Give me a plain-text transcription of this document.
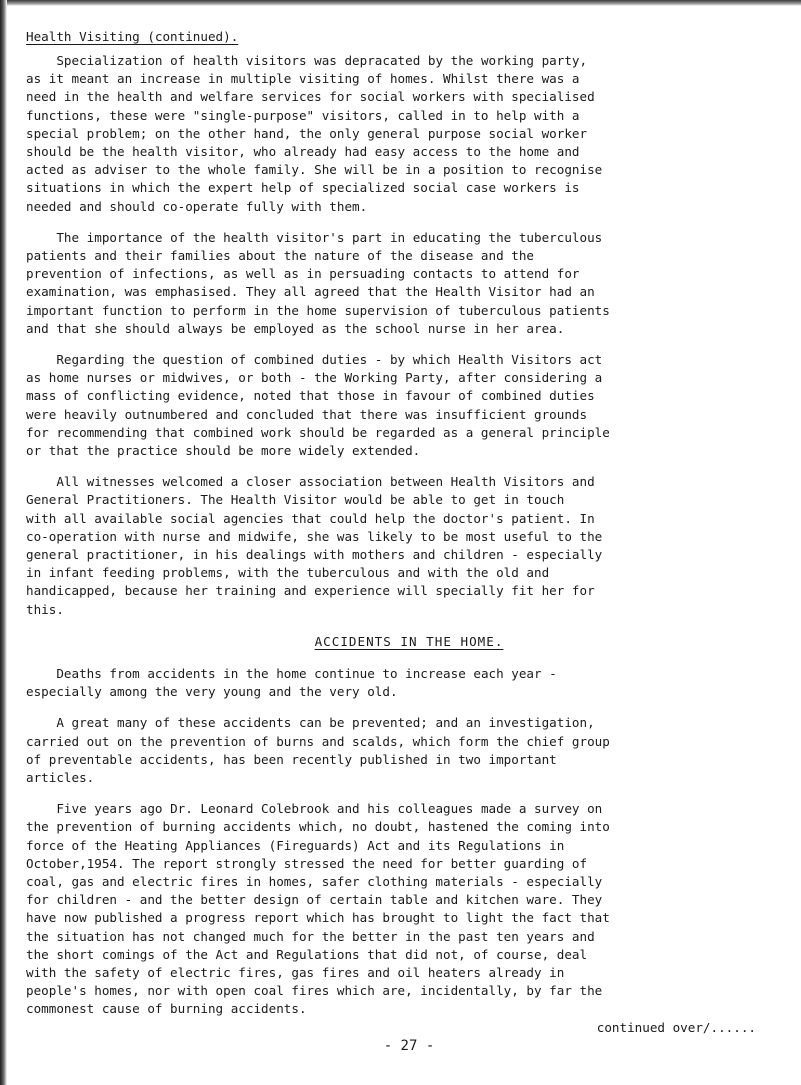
Health Visiting (continued).

Specialization of health visitors was depracated by the working party,
as it meant an increase in multiple visiting of homes. Whilst there was a
need in the health and welfare services for social workers with specialised
functions, these were "single-purpose" visitors, called in to help with a
special problem; on the other hand, the only general purpose social worker
should be the health visitor, who already had easy access to the home and
acted as adviser to the whole family. She will be in a position to recognise
situations in which the expert help of specialized social case workers is
needed and should co-operate fully with them.

The importance of the health visitor's part in educating the tuberculous
patients and their families about the nature of the disease and the
prevention of infections, as well as in persuading contacts to attend for
examination, was emphasised. They all agreed that the Health Visitor had an
important function to perform in the home supervision of tuberculous patients
and that she should always be employed as the school nurse in her area.

Regarding the question of combined duties - by which Health Visitors act
as home nurses or midwives, or both - the Working Party, after considering a
mass of conflicting evidence, noted that those in favour of combined duties
were heavily outnumbered and concluded that there was insufficient grounds
for recommending that combined work should be regarded as a general principle
or that the practice should be more widely extended.

All witnesses welcomed a closer association between Health Visitors and
General Practitioners. The Health Visitor would be able to get in touch
with all available social agencies that could help the doctor's patient. In
co-operation with nurse and midwife, she was likely to be most useful to the
general practitioner, in his dealings with mothers and children - especially
in infant feeding problems, with the tuberculous and with the old and
handicapped, because her training and experience will specially fit her for
this.

ACCIDENTS IN THE HOME.

Deaths from accidents in the home continue to increase each year -
especially among the very young and the very old.

A great many of these accidents can be prevented; and an investigation,
carried out on the prevention of burns and scalds, which form the chief group
of preventable accidents, has been recently published in two important
articles.

Five years ago Dr. Leonard Colebrook and his colleagues made a survey on
the prevention of burning accidents which, no doubt, hastened the coming into
force of the Heating Appliances (Fireguards) Act and its Regulations in
October,1954. The report strongly stressed the need for better guarding of
coal, gas and electric fires in homes, safer clothing materials - especially
for children - and the better design of certain table and kitchen ware. They
have now published a progress report which has brought to light the fact that
the situation has not changed much for the better in the past ten years and
the short comings of the Act and Regulations that did not, of course, deal
with the safety of electric fires, gas fires and oil heaters already in
people's homes, nor with open coal fires which are, incidentally, by far the
commonest cause of burning accidents.

continued over/......

- 27 -
